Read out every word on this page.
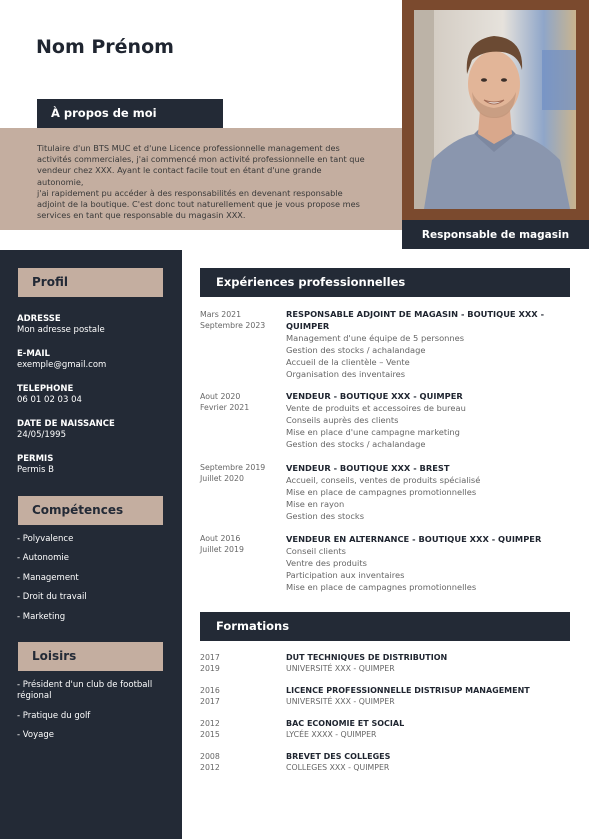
Nom Prénom
À propos de moi
Titulaire d'un BTS MUC et d'une Licence professionnelle management des
activités commerciales, j'ai commencé mon activité professionnelle en tant que
vendeur chez XXX. Ayant le contact facile tout en étant d'une grande autonomie,
j'ai rapidement pu accéder à des responsabilités en devenant responsable
adjoint de la boutique. C'est donc tout naturellement que je vous propose mes
services en tant que responsable du magasin XXX.
Responsable de magasin
Profil
ADRESSE
Mon adresse postale
E-MAIL
exemple@gmail.com
TELEPHONE
06 01 02 03 04
DATE DE NAISSANCE
24/05/1995
PERMIS
Permis B
Compétences
- Polyvalence
- Autonomie
- Management
- Droit du travail
- Marketing
Loisirs
- Président d'un club de football
régional
- Pratique du golf
- Voyage
Expériences professionnelles
Mars 2021
Septembre 2023
RESPONSABLE ADJOINT DE MAGASIN - BOUTIQUE XXX -
QUIMPER
Management d'une équipe de 5 personnes
Gestion des stocks / achalandage
Accueil de la clientèle – Vente
Organisation des inventaires
Aout 2020
Fevrier 2021
VENDEUR - BOUTIQUE XXX - QUIMPER
Vente de produits et accessoires de bureau
Conseils auprès des clients
Mise en place d'une campagne marketing
Gestion des stocks / achalandage
Septembre 2019
Juillet 2020
VENDEUR - BOUTIQUE XXX - BREST
Accueil, conseils, ventes de produits spécialisé
Mise en place de campagnes promotionnelles
Mise en rayon
Gestion des stocks
Aout 2016
Juillet 2019
VENDEUR EN ALTERNANCE - BOUTIQUE XXX - QUIMPER
Conseil clients
Ventre des produits
Participation aux inventaires
Mise en place de campagnes promotionnelles
Formations
2017
2019
DUT TECHNIQUES DE DISTRIBUTION
UNIVERSITÉ XXX - QUIMPER
2016
2017
LICENCE PROFESSIONNELLE DISTRISUP MANAGEMENT
UNIVERSITÉ XXX - QUIMPER
2012
2015
BAC ECONOMIE ET SOCIAL
LYCÉE XXXX - QUIMPER
2008
2012
BREVET DES COLLEGES
COLLEGES XXX - QUIMPER
